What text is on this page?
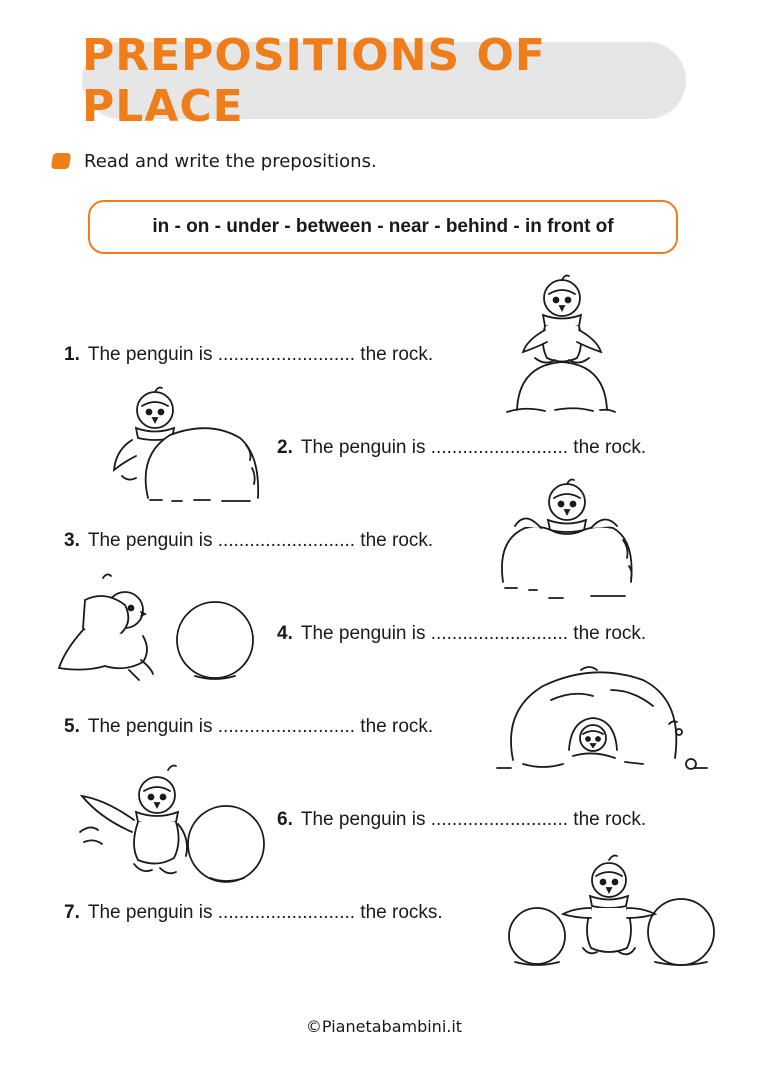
PREPOSITIONS OF PLACE
Read and write the prepositions.
in - on - under - between - near - behind - in front of
1. The penguin is .......................... the rock.
2. The penguin is .......................... the rock.
3. The penguin is .......................... the rock.
4. The penguin is .......................... the rock.
5. The penguin is .......................... the rock.
6. The penguin is .......................... the rock.
7. The penguin is .......................... the rocks.
©Pianetabambini.it
